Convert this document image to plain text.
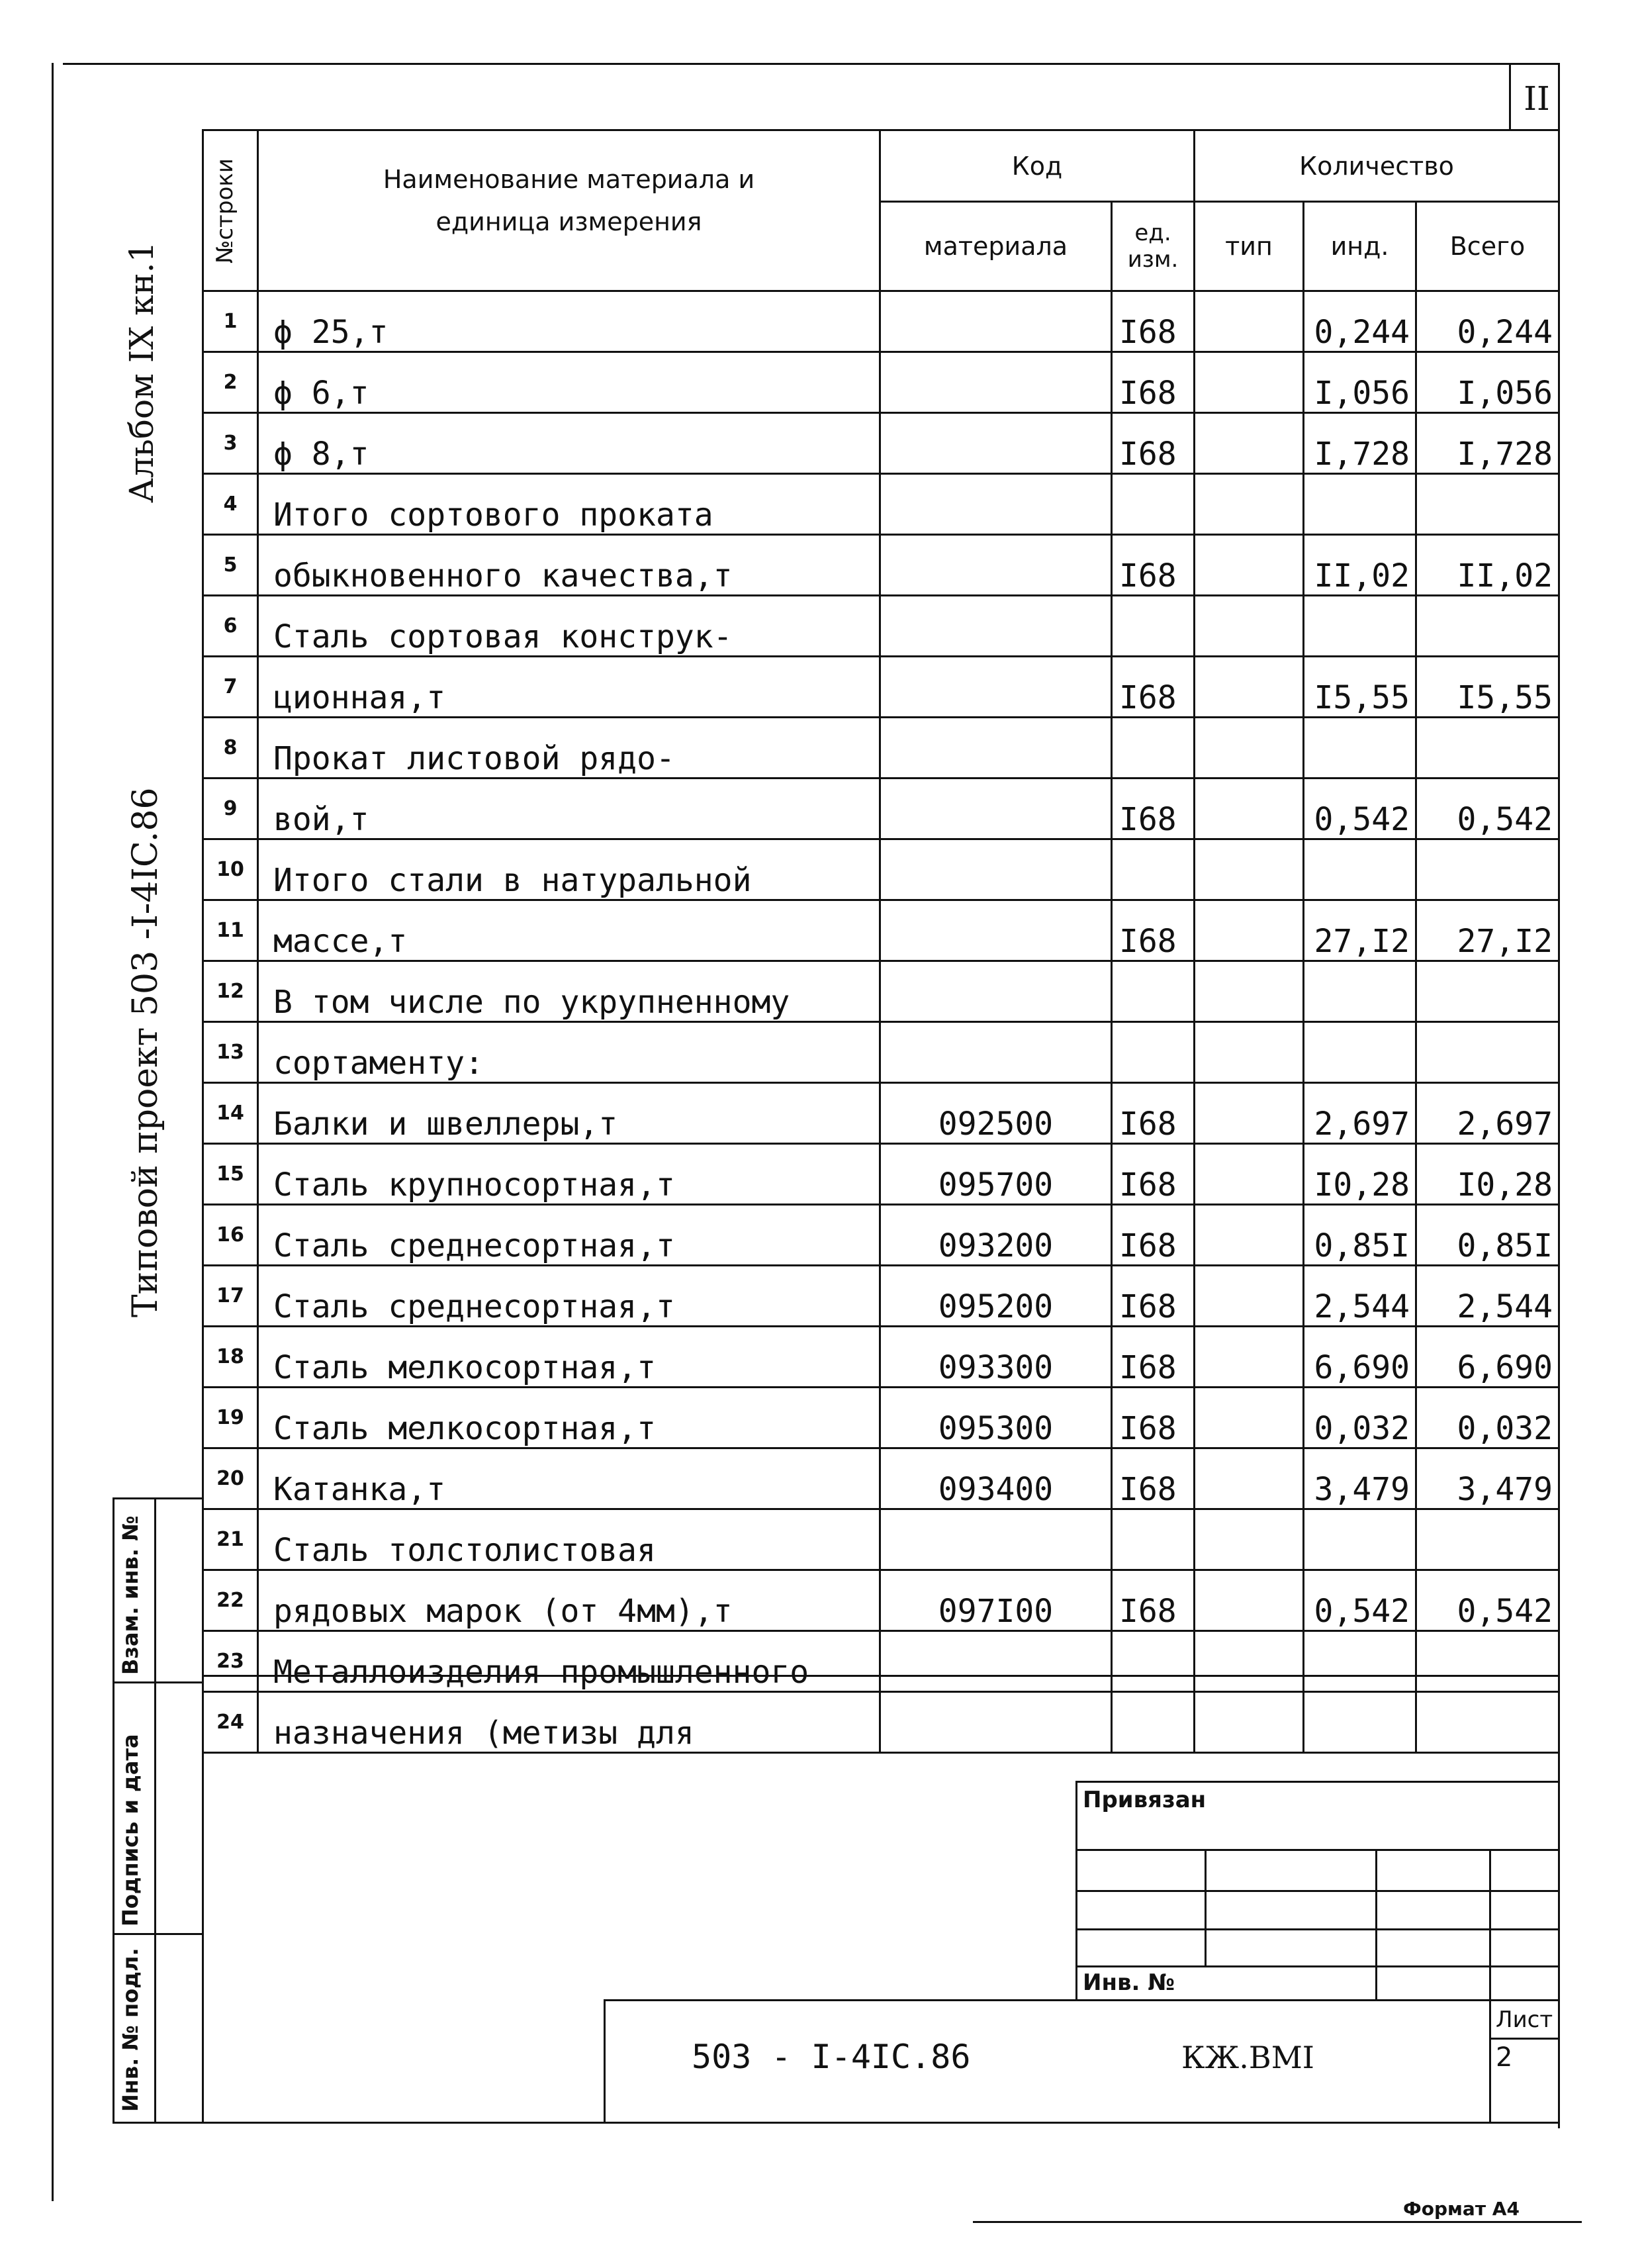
II
Альбом IX кн.1
Типовой проект 503 -I-4IC.86
Взам. инв. №
Подпись и дата
Инв. № подл.
№строки	Наименование материала и единица измерения	Код		Количество		
		материала	ед. изм.	тип	инд.	Всего
1	ϕ 25,т		I68		0,244	0,244
2	ϕ 6,т		I68		I,056	I,056
3	ϕ 8,т		I68		I,728	I,728
4	Итого сортового проката					
5	обыкновенного качества,т		I68		II,02	II,02
6	Сталь сортовая конструк-					
7	ционная,т		I68		I5,55	I5,55
8	Прокат листовой рядо-					
9	вой,т		I68		0,542	0,542
10	Итого стали в натуральной					
11	массе,т		I68		27,I2	27,I2
12	В том числе по укрупненному					
13	сортаменту:					
14	Балки и швеллеры,т	092500	I68		2,697	2,697
15	Сталь крупносортная,т	095700	I68		I0,28	I0,28
16	Сталь среднесортная,т	093200	I68		0,85I	0,85I
17	Сталь среднесортная,т	095200	I68		2,544	2,544
18	Сталь мелкосортная,т	093300	I68		6,690	6,690
19	Сталь мелкосортная,т	095300	I68		0,032	0,032
20	Катанка,т	093400	I68		3,479	3,479
21	Сталь толстолистовая					
22	рядовых марок (от 4мм),т	097I00	I68		0,542	0,542
23	Металлоизделия промышленного					
24	назначения (метизы для					
Привязан
Инв. №
503 - I-4IC.86	КЖ.ВМI
Лист
2
Формат А4
